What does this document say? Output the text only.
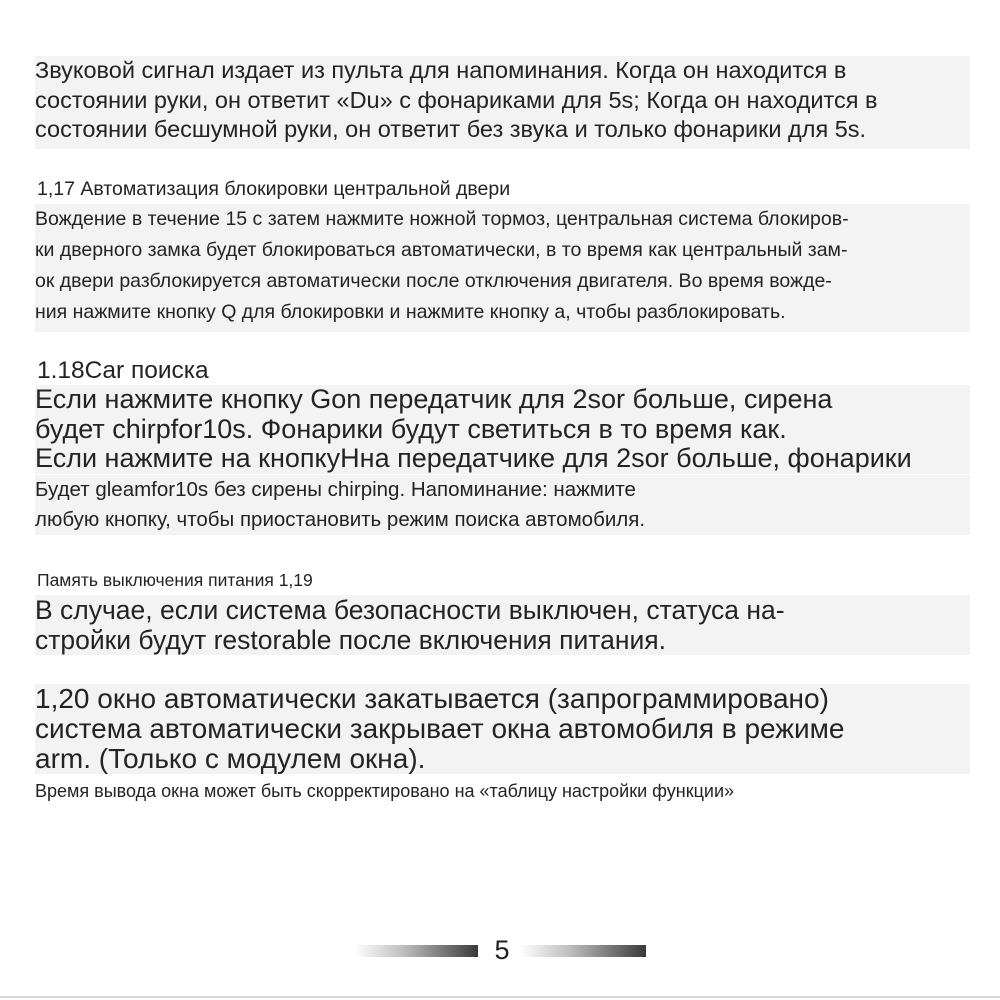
Звуковой сигнал издает из пульта для напоминания. Когда он находится в
состоянии руки, он ответит «Du» с фонариками для 5s; Когда он находится в
состоянии бесшумной руки, он ответит без звука и только фонарики для 5s.
1,17 Автоматизация блокировки центральной двери
Вождение в течение 15 с затем нажмите ножной тормоз, центральная система блокиров-
ки дверного замка будет блокироваться автоматически, в то время как центральный зам-
ок двери разблокируется автоматически после отключения двигателя. Во время вожде-
ния нажмите кнопку Q для блокировки и нажмите кнопку а, чтобы разблокировать.
1.18Car поиска
Если нажмите кнопку Gon передатчик для 2sor больше, сирена
будет chirpfor10s. Фонарики будут светиться в то время как.
Если нажмите на кнопкуНна передатчике для 2sor больше, фонарики
Будет gleamfor10s без сирены chirping. Напоминание: нажмите
любую кнопку, чтобы приостановить режим поиска автомобиля.
Память выключения питания 1,19
В случае, если система безопасности выключен, статуса на-
стройки будут restorable после включения питания.
1,20 окно автоматически закатывается (запрограммировано)
система автоматически закрывает окна автомобиля в режиме
arm. (Только с модулем окна).
Время вывода окна может быть скорректировано на «таблицу настройки функции»
5
